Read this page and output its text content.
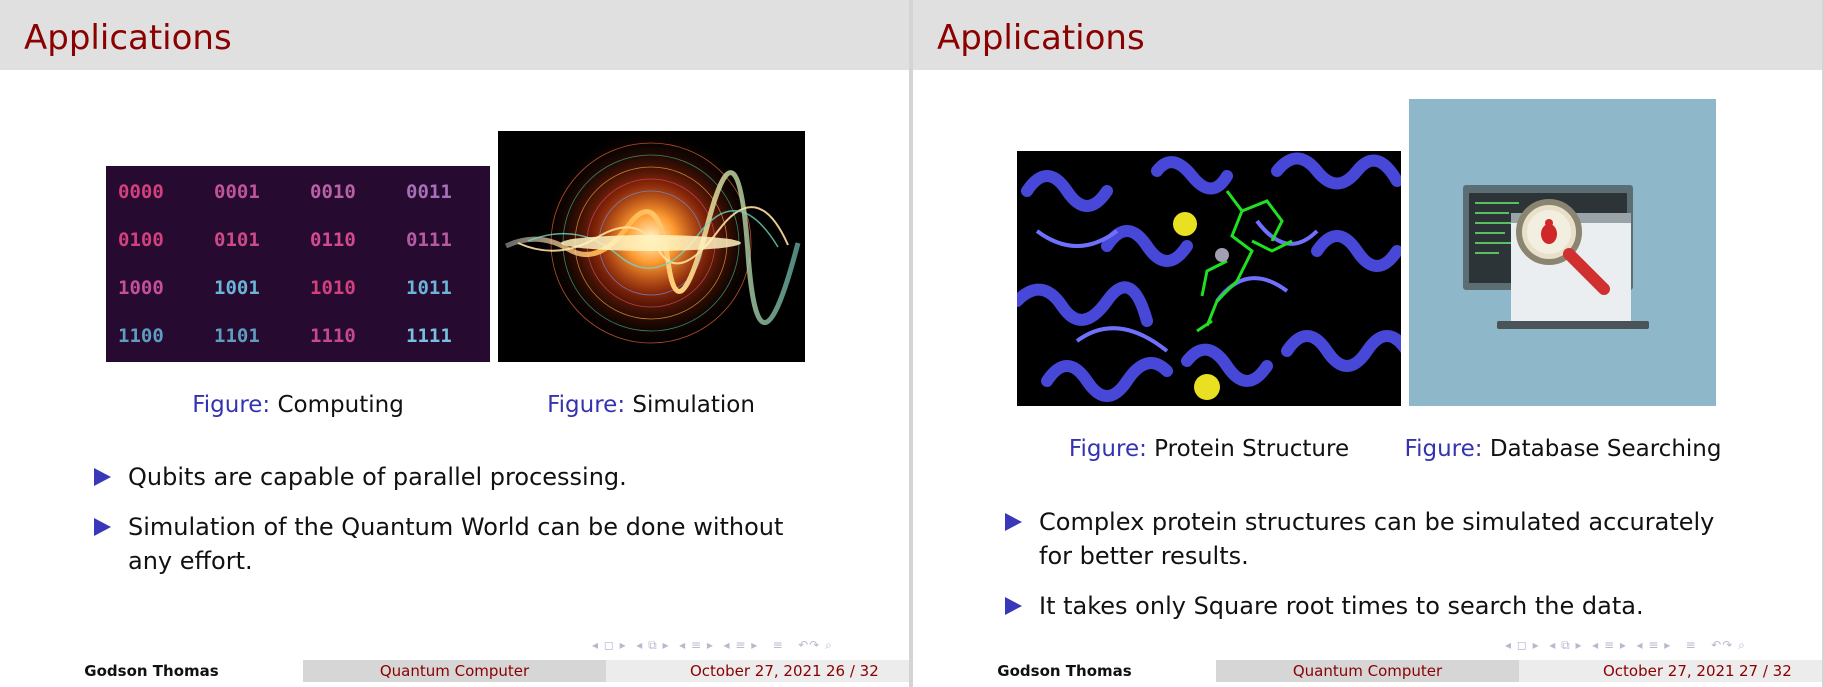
Applications
0000	0001	0010	0011
0100	0101	0110	0111
1000	1001	1010	1011
1100	1101	1110	1111
Figure: Computing	Figure: Simulation
Qubits are capable of parallel processing.
Simulation of the Quantum World can be done without any effort.
◂ ◻ ▸  ◂ ⧉ ▸  ◂ ≡ ▸  ◂ ≡ ▸   ≡   ↶↷ ⌕
Godson Thomas	Quantum Computer	October 27, 2021 26 / 32
Applications
Figure: Protein Structure Figure: Database Searching
Complex protein structures can be simulated accurately for better results.
It takes only Square root times to search the data.
◂ ◻ ▸  ◂ ⧉ ▸  ◂ ≡ ▸  ◂ ≡ ▸   ≡   ↶↷ ⌕
Godson Thomas	Quantum Computer	October 27, 2021 27 / 32
